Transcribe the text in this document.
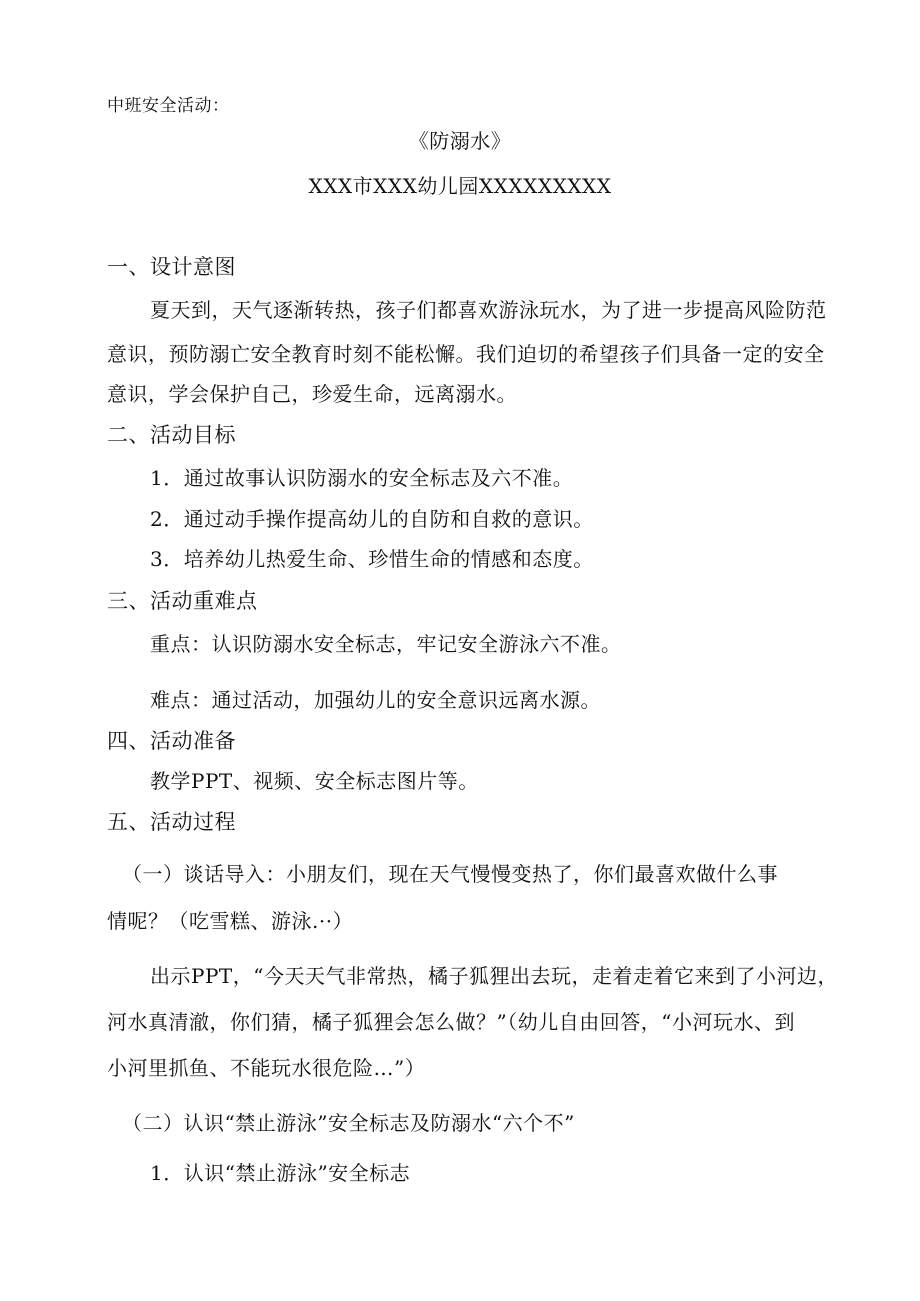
中班安全活动：
《防溺水》
XXX市XXX幼儿园XXXXXXXXX
一、设计意图
夏天到，天气逐渐转热，孩子们都喜欢游泳玩水，为了进一步提高风险防范
意识，预防溺亡安全教育时刻不能松懈。我们迫切的希望孩子们具备一定的安全
意识，学会保护自己，珍爱生命，远离溺水。
二、活动目标
1．通过故事认识防溺水的安全标志及六不准。
2．通过动手操作提高幼儿的自防和自救的意识。
3．培养幼儿热爱生命、珍惜生命的情感和态度。
三、活动重难点
重点：认识防溺水安全标志，牢记安全游泳六不准。
难点：通过活动，加强幼儿的安全意识远离水源。
四、活动准备
教学PPT、视频、安全标志图片等。
五、活动过程
（一）谈话导入：小朋友们，现在天气慢慢变热了，你们最喜欢做什么事
情呢？（吃雪糕、游泳.··）
出示PPT，“今天天气非常热，橘子狐狸出去玩，走着走着它来到了小河边，
河水真清澈，你们猜，橘子狐狸会怎么做？”（幼儿自由回答，“小河玩水、到
小河里抓鱼、不能玩水很危险…”）
（二）认识“禁止游泳”安全标志及防溺水“六个不”
1．认识“禁止游泳”安全标志
